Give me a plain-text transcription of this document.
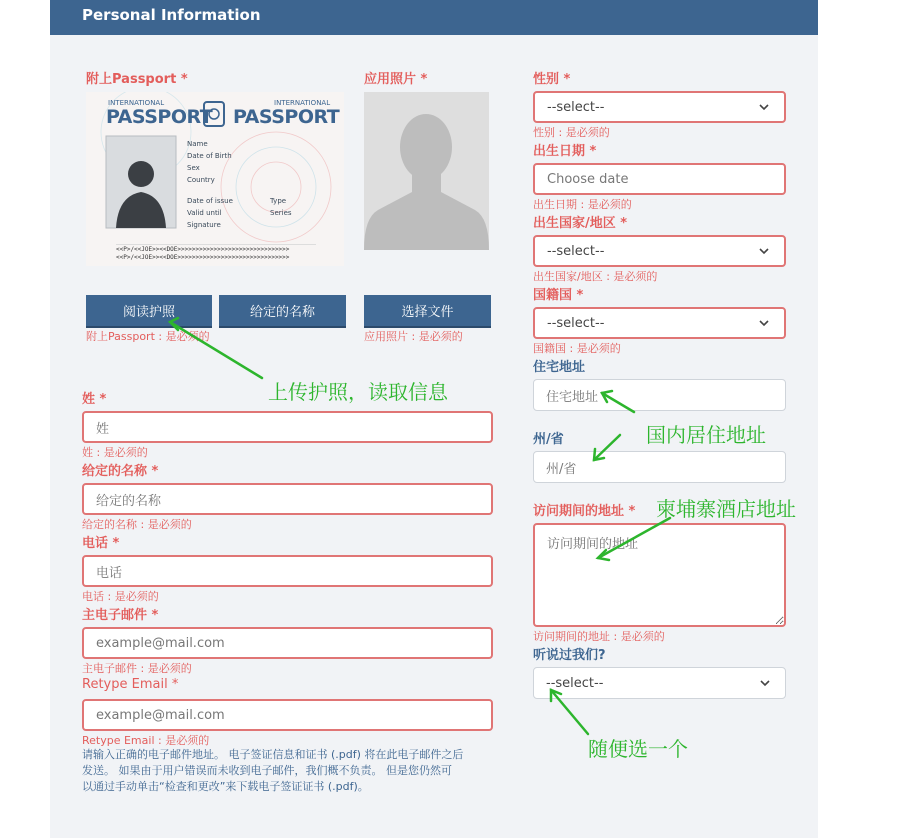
Personal Information
附上Passport *
INTERNATIONAL	INTERNATIONAL
PASSPORT PASSPORT
Name
Date of Birth
Sex
Country
Date of issue
Valid until
Signature
Type
Series
<<P>/<<JOE>><<DOE>>>>>>>>>>>>>>>>>>>>>>>>>>>>>>>
<<P>/<<JOE>><<DOE>>>>>>>>>>>>>>>>>>>>>>>>>>>>>>>
阅读护照	给定的名称
附上Passport : 是必须的
应用照片 *
选择文件
应用照片 : 是必须的
姓 *
姓
姓 : 是必须的
给定的名称 *
给定的名称
给定的名称 : 是必须的
电话 *
电话
电话 : 是必须的
主电子邮件 *
example@mail.com
主电子邮件 : 是必须的
Retype Email *
example@mail.com
Retype Email : 是必须的
请输入正确的电子邮件地址。 电子签证信息和证书 (.pdf) 将在此电子邮件之后
发送。 如果由于用户错误而未收到电子邮件，我们概不负责。 但是您仍然可
以通过手动单击“检查和更改”来下载电子签证证书 (.pdf)。
性别 *
--select--
性别 : 是必须的
出生日期 *
Choose date
出生日期 : 是必须的
出生国家/地区 *
--select--
出生国家/地区 : 是必须的
国籍国 *
--select--
国籍国 : 是必须的
住宅地址
住宅地址
州/省
州/省
访问期间的地址 *
访问期间的地址
访问期间的地址 : 是必须的
听说过我们?
--select--
上传护照，读取信息
国内居住地址
柬埔寨酒店地址
随便选一个
